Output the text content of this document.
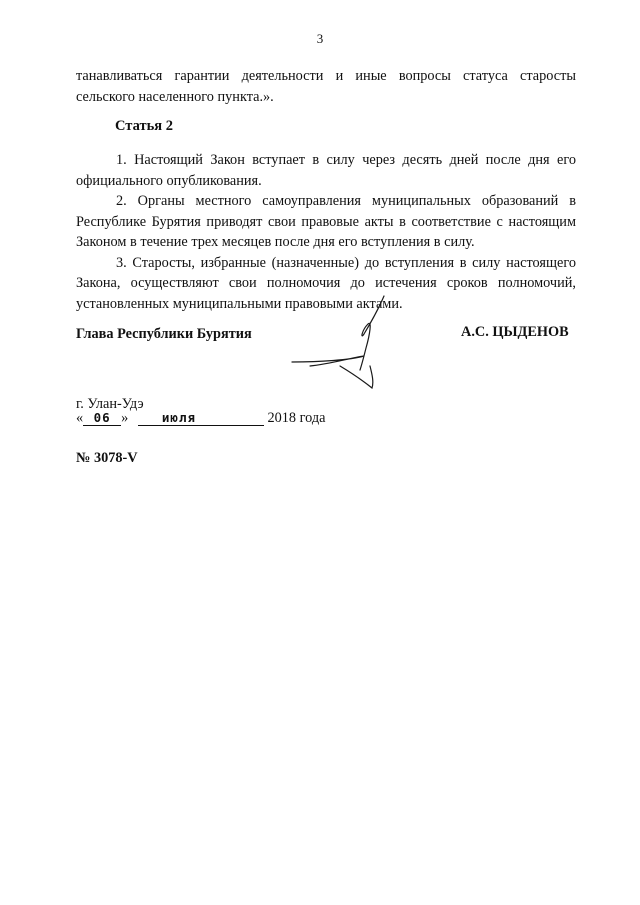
3

танавливаться гарантии деятельности и иные вопросы статуса старосты сельского населенного пункта.».

Статья 2

1. Настоящий Закон вступает в силу через десять дней после дня его официального опубликования.

2. Органы местного самоуправления муниципальных образований в Республике Бурятия приводят свои правовые акты в соответствие с настоящим Законом в течение трех месяцев после дня его вступления в силу.

3. Старосты, избранные (назначенные) до вступления в силу настоящего Закона, осуществляют свои полномочия до истечения сроков полномочий, установленных муниципальными правовыми актами.

Глава Республики Бурятия	А.С. ЦЫДЕНОВ
г. Улан-Удэ
« 06 »	июля	2018 года
№ 3078-V
